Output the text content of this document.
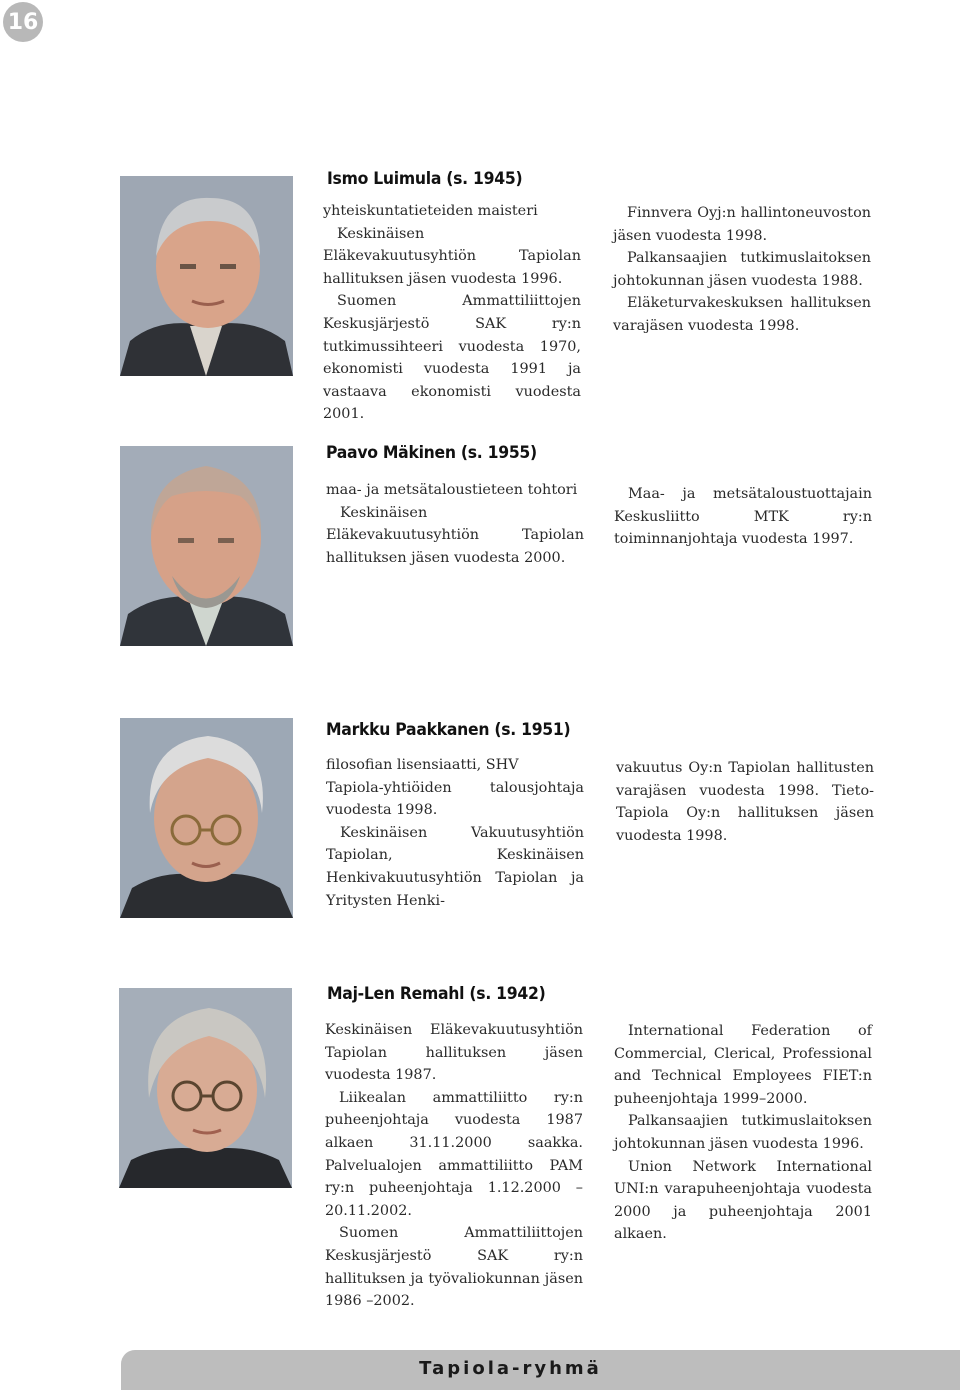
16
Ismo Luimula (s. 1945)

yhteiskuntatieteiden maisteri

Keskinäisen Eläkevakuutusyhtiön Tapiolan hallituksen jäsen vuodesta 1996.

Suomen Ammattiliittojen Keskusjärjestö SAK ry:n tutkimussihteeri vuodesta 1970, ekonomisti vuodesta 1991 ja vastaava ekonomisti vuodesta 2001.

Finnvera Oyj:n hallintoneuvoston jäsen vuodesta 1998.

Palkansaajien tutkimuslaitoksen johtokunnan jäsen vuodesta 1988.

Eläketurvakeskuksen hallituksen varajäsen vuodesta 1998.

Paavo Mäkinen (s. 1955)

maa- ja metsätaloustieteen tohtori

Keskinäisen Eläkevakuutusyhtiön Tapiolan hallituksen jäsen vuodesta 2000.

Maa- ja metsätaloustuottajain Keskusliitto MTK ry:n toiminnanjohtaja vuodesta 1997.

Markku Paakkanen (s. 1951)

filosofian lisensiaatti, SHV

Tapiola-yhtiöiden talousjohtaja vuodesta 1998.

Keskinäisen Vakuutusyhtiön Tapiolan, Keskinäisen Henkivakuutusyhtiön Tapiolan ja Yritysten Henki-

vakuutus Oy:n Tapiolan hallitusten varajäsen vuodesta 1998. Tieto-Tapiola Oy:n hallituksen jäsen vuodesta 1998.

Maj-Len Remahl (s. 1942)

Keskinäisen Eläkevakuutusyhtiön Tapiolan hallituksen jäsen vuodesta 1987.

Liikealan ammattiliitto ry:n puheenjohtaja vuodesta 1987 alkaen 31.11.2000 saakka. Palvelualojen ammattiliitto PAM ry:n puheenjohtaja 1.12.2000 –20.11.2002.

Suomen Ammattiliittojen Keskusjärjestö SAK ry:n hallituksen ja työvaliokunnan jäsen 1986 –2002.

International Federation of Commercial, Clerical, Professional and Technical Employees FIET:n puheenjohtaja 1999–2000.

Palkansaajien tutkimuslaitoksen johtokunnan jäsen vuodesta 1996.

Union Network International UNI:n varapuheenjohtaja vuodesta 2000 ja puheenjohtaja 2001 alkaen.

Tapiola-ryhmä
